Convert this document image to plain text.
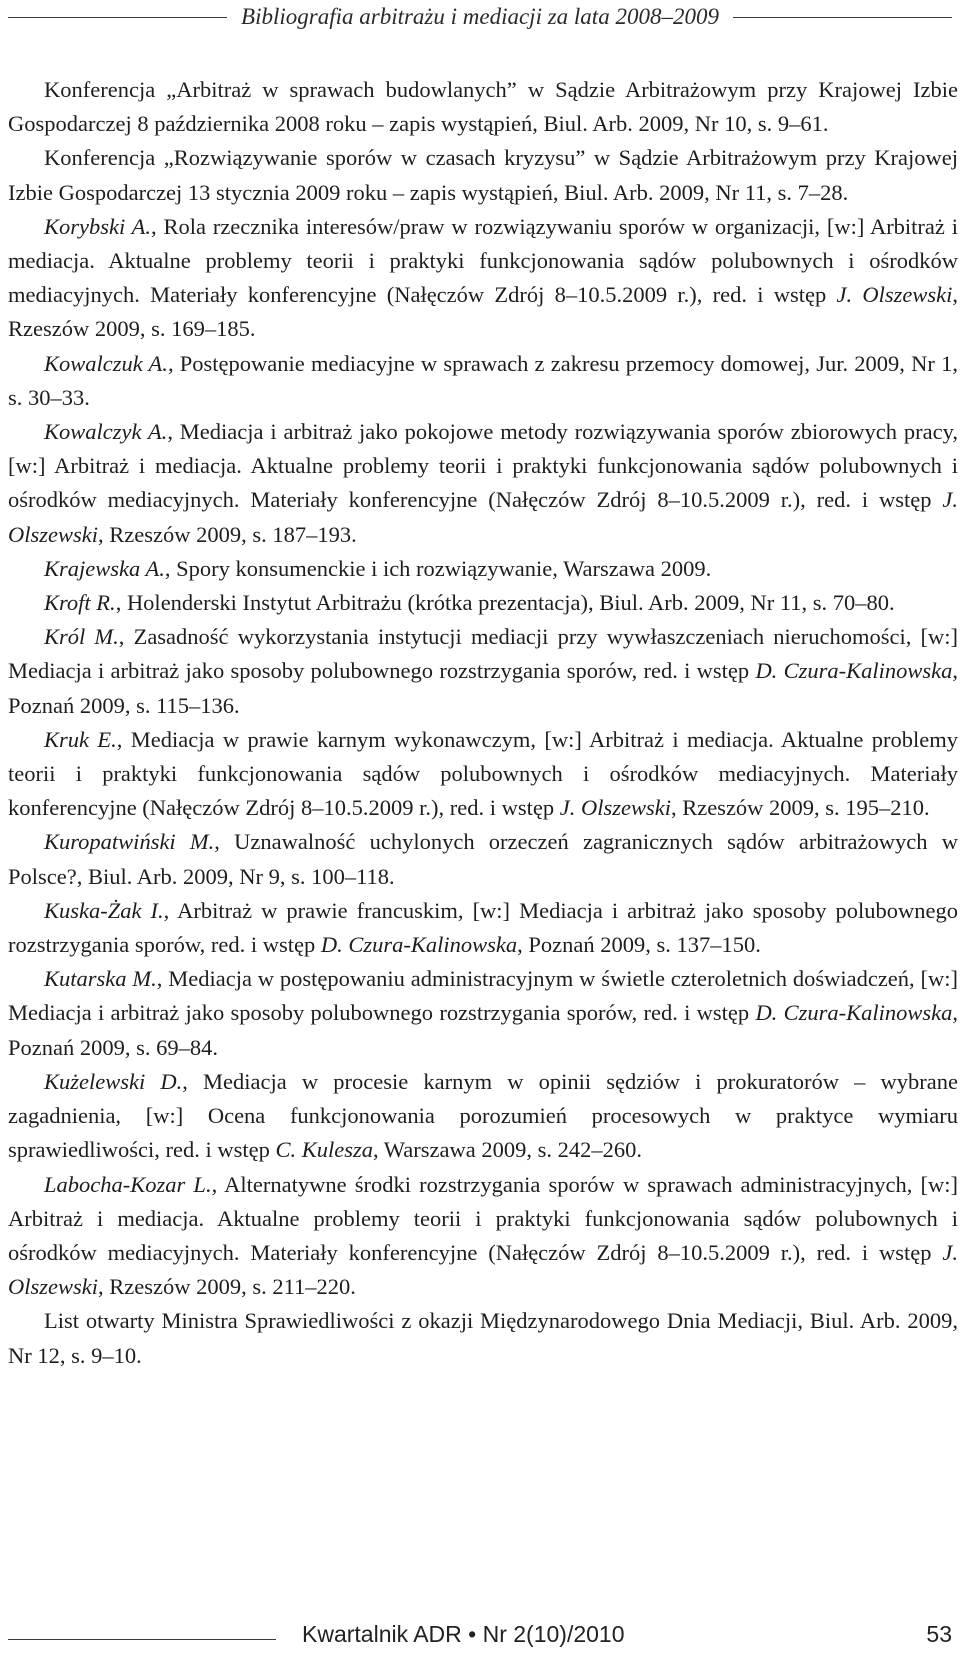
Bibliografia arbitrażu i mediacji za lata 2008–2009

Konferencja „Arbitraż w sprawach budowlanych” w Sądzie Arbitrażowym przy Krajowej Izbie Gospodarczej 8 października 2008 roku – zapis wystąpień, Biul. Arb. 2009, Nr 10, s. 9–61.

Konferencja „Rozwiązywanie sporów w czasach kryzysu” w Sądzie Arbitrażowym przy Krajowej Izbie Gospodarczej 13 stycznia 2009 roku – zapis wystąpień, Biul. Arb. 2009, Nr 11, s. 7–28.

Korybski A., Rola rzecznika interesów/praw w rozwiązywaniu sporów w organizacji, [w:] Arbitraż i mediacja. Aktualne problemy teorii i praktyki funkcjonowania sądów polubownych i ośrodków mediacyjnych. Materiały konferencyjne (Nałęczów Zdrój 8–10.5.2009 r.), red. i wstęp J. Olszewski, Rzeszów 2009, s. 169–185.

Kowalczuk A., Postępowanie mediacyjne w sprawach z zakresu przemocy domowej, Jur. 2009, Nr 1, s. 30–33.

Kowalczyk A., Mediacja i arbitraż jako pokojowe metody rozwiązywania sporów zbiorowych pracy, [w:] Arbitraż i mediacja. Aktualne problemy teorii i praktyki funkcjonowania sądów polubownych i ośrodków mediacyjnych. Materiały konferencyjne (Nałęczów Zdrój 8–10.5.2009 r.), red. i wstęp J. Olszewski, Rzeszów 2009, s. 187–193.

Krajewska A., Spory konsumenckie i ich rozwiązywanie, Warszawa 2009.

Kroft R., Holenderski Instytut Arbitrażu (krótka prezentacja), Biul. Arb. 2009, Nr 11, s. 70–80.

Król M., Zasadność wykorzystania instytucji mediacji przy wywłaszczeniach nieruchomości, [w:] Mediacja i arbitraż jako sposoby polubownego rozstrzygania sporów, red. i wstęp D. Czura-Kalinowska, Poznań 2009, s. 115–136.

Kruk E., Mediacja w prawie karnym wykonawczym, [w:] Arbitraż i mediacja. Aktualne problemy teorii i praktyki funkcjonowania sądów polubownych i ośrodków mediacyjnych. Materiały konferencyjne (Nałęczów Zdrój 8–10.5.2009 r.), red. i wstęp J. Olszewski, Rzeszów 2009, s. 195–210.

Kuropatwiński M., Uznawalność uchylonych orzeczeń zagranicznych sądów arbitrażowych w Polsce?, Biul. Arb. 2009, Nr 9, s. 100–118.

Kuska-Żak I., Arbitraż w prawie francuskim, [w:] Mediacja i arbitraż jako sposoby polubownego rozstrzygania sporów, red. i wstęp D. Czura-Kalinowska, Poznań 2009, s. 137–150.

Kutarska M., Mediacja w postępowaniu administracyjnym w świetle czteroletnich doświadczeń, [w:] Mediacja i arbitraż jako sposoby polubownego rozstrzygania sporów, red. i wstęp D. Czura-Kalinowska, Poznań 2009, s. 69–84.

Kużelewski D., Mediacja w procesie karnym w opinii sędziów i prokuratorów – wybrane zagadnienia, [w:] Ocena funkcjonowania porozumień procesowych w praktyce wymiaru sprawiedliwości, red. i wstęp C. Kulesza, Warszawa 2009, s. 242–260.

Labocha-Kozar L., Alternatywne środki rozstrzygania sporów w sprawach administracyjnych, [w:] Arbitraż i mediacja. Aktualne problemy teorii i praktyki funkcjonowania sądów polubownych i ośrodków mediacyjnych. Materiały konferencyjne (Nałęczów Zdrój 8–10.5.2009 r.), red. i wstęp J. Olszewski, Rzeszów 2009, s. 211–220.

List otwarty Ministra Sprawiedliwości z okazji Międzynarodowego Dnia Mediacji, Biul. Arb. 2009, Nr 12, s. 9–10.

Kwartalnik ADR • Nr 2(10)/2010	53
